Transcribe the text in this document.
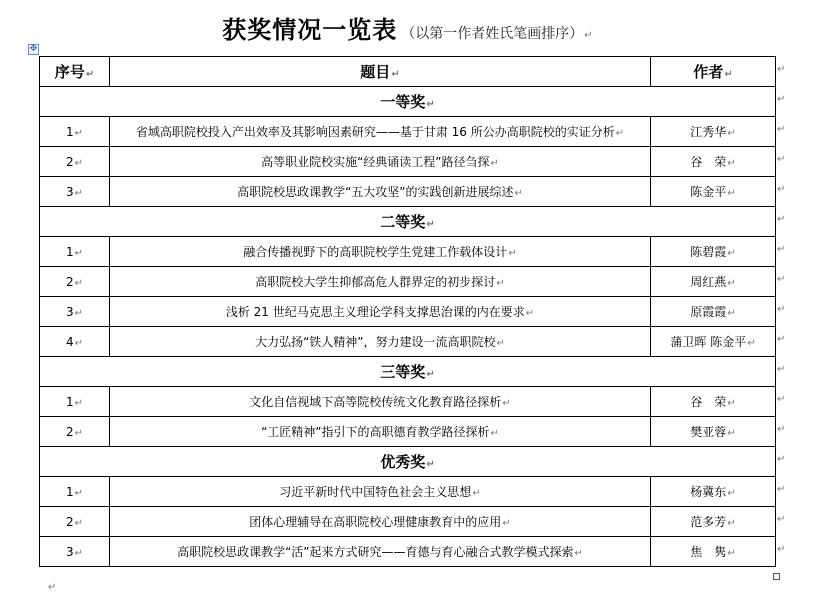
获奖情况一览表 （以第一作者姓氏笔画排序）↵
✥
序号↵	题目↵	作者↵
一等奖↵		
1↵	省域高职院校投入产出效率及其影响因素研究——基于甘肃 16 所公办高职院校的实证分析↵	江秀华↵
2↵	高等职业院校实施“经典诵读工程”路径刍探↵	谷　荣↵
3↵	高职院校思政课教学“五大攻坚”的实践创新进展综述↵	陈金平↵
二等奖↵		
1↵	融合传播视野下的高职院校学生党建工作载体设计↵	陈碧霞↵
2↵	高职院校大学生抑郁高危人群界定的初步探讨↵	周红燕↵
3↵	浅析 21 世纪马克思主义理论学科支撑思治课的内在要求↵	原霞霞↵
4↵	大力弘扬“铁人精神”，努力建设一流高职院校↵	蒲卫晖 陈金平↵
三等奖↵		
1↵	文化自信视域下高等院校传统文化教育路径探析↵	谷　荣↵
2↵	“工匠精神”指引下的高职德育教学路径探析↵	樊亚蓉↵
优秀奖↵		
1↵	习近平新时代中国特色社会主义思想↵	杨冀东↵
2↵	团体心理辅导在高职院校心理健康教育中的应用↵	范多芳↵
3↵	高职院校思政课教学“活”起来方式研究——育德与育心融合式教学模式探索↵	焦　隽↵
↵
↵
↵
↵
↵
↵
↵
↵
↵
↵
↵
↵
↵
↵
↵
↵
↵
↵
